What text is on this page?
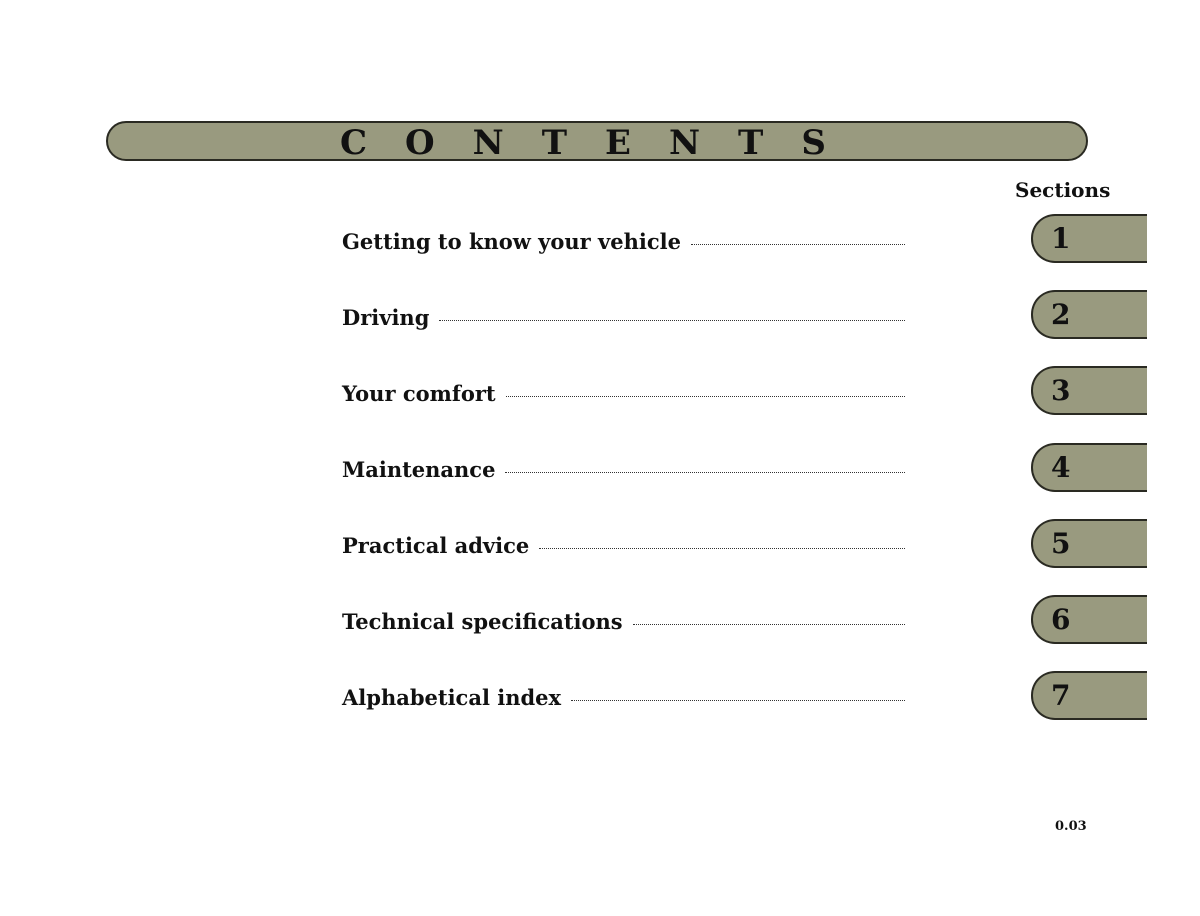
CONTENTS
Sections
Getting to know your vehicle
Driving
Your comfort
Maintenance
Practical advice
Technical specifications
Alphabetical index
1
2
3
4
5
6
7
0.03
